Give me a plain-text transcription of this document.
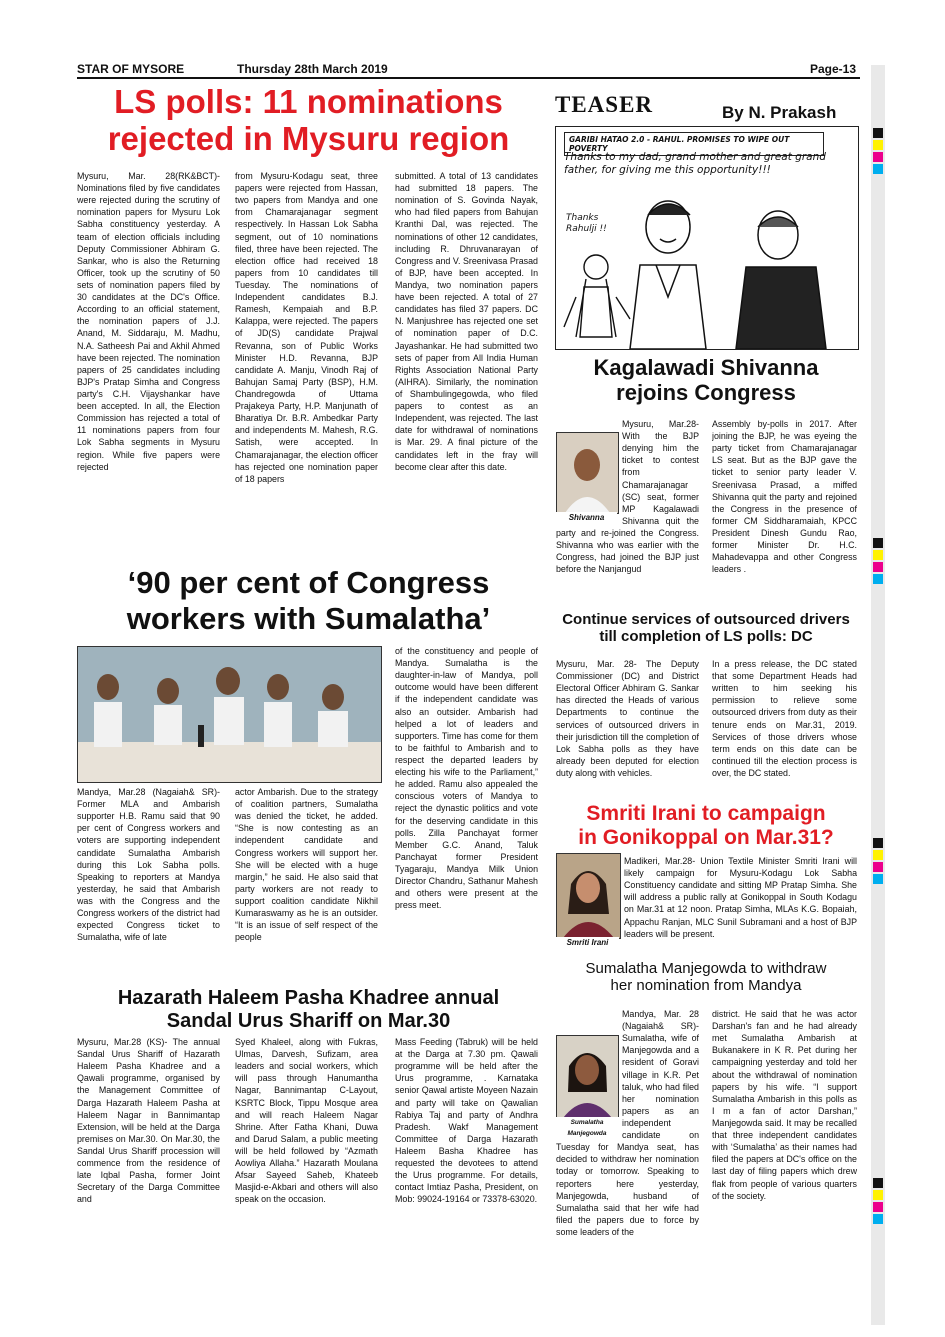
STAR OF MYSORE	Thursday 28th March 2019	Page-13
LS polls: 11 nominations
rejected in Mysuru region
Mysuru, Mar. 28(RK&BCT)- Nominations filed by five candidates were rejected during the scrutiny of nomination papers for Mysuru Lok Sabha constituency yesterday. A team of election officials including Deputy Commissioner Abhiram G. Sankar, who is also the Returning Officer, took up the scrutiny of 50 sets of nomination papers filed by 30 candidates at the DC's Office. According to an official statement, the nomination papers of J.J. Anand, M. Siddaraju, M. Madhu, N.A. Satheesh Pai and Akhil Ahmed have been rejected. The nomination papers of 25 candidates including BJP's Pratap Simha and Congress party's C.H. Vijayshankar have been accepted. In all, the Election Commission has rejected a total of 11 nominations papers from four Lok Sabha segments in Mysuru region. While five papers were rejected
from Mysuru-Kodagu seat, three papers were rejected from Hassan, two papers from Mandya and one from Chamarajanagar segment respectively. In Hassan Lok Sabha segment, out of 10 nominations filed, three have been rejected. The election office had received 18 papers from 10 candidates till Tuesday. The nominations of Independent candidates B.J. Ramesh, Kempaiah and B.P. Kalappa, were rejected. The papers of JD(S) candidate Prajwal Revanna, son of Public Works Minister H.D. Revanna, BJP candidate A. Manju, Vinodh Raj of Bahujan Samaj Party (BSP), H.M. Chandregowda of Uttama Prajakeya Party, H.P. Manjunath of Bharatiya Dr. B.R. Ambedkar Party and independents M. Mahesh, R.G. Satish, were accepted. In Chamarajanagar, the election officer has rejected one nomination paper of 18 papers
submitted. A total of 13 candidates had submitted 18 papers. The nomination of S. Govinda Nayak, who had filed papers from Bahujan Kranthi Dal, was rejected. The nominations of other 12 candidates, including R. Dhruvanarayan of Congress and V. Sreenivasa Prasad of BJP, have been accepted. In Mandya, two nomination papers have been rejected. A total of 27 candidates has filed 37 papers. DC N. Manjushree has rejected one set of nomination paper of D.C. Jayashankar. He had submitted two sets of paper from All India Human Rights Association National Party (AIHRA). Similarly, the nomination of Shambulingegowda, who filed papers to contest as an Independent, was rejected. The last date for withdrawal of nominations is Mar. 29. A final picture of the candidates left in the fray will become clear after this date.
TEASER	By N. Prakash
GARIBI HATAO 2.0 - RAHUL. PROMISES TO WIPE OUT POVERTY
Thanks to my dad, grand mother and great grand father, for giving me this opportunity!!!
Thanks Rahulji !!
Kagalawadi Shivanna
rejoins Congress
Shivanna
Mysuru, Mar.28- With the BJP denying him the ticket to contest from Chamarajanagar (SC) seat, former MP Kagalawadi Shivanna quit the party and re-joined the Congress. Shivanna who was earlier with the Congress, had joined the BJP just before the Nanjangud
Assembly by-polls in 2017. After joining the BJP, he was eyeing the party ticket from Chamarajanagar LS seat. But as the BJP gave the ticket to senior party leader V. Sreenivasa Prasad, a miffed Shivanna quit the party and rejoined the Congress in the presence of former CM Siddharamaiah, KPCC President Dinesh Gundu Rao, former Minister Dr. H.C. Mahadevappa and other Congress leaders .
‘90 per cent of Congress
workers with Sumalatha’
Mandya, Mar.28 (Nagaiah& SR)- Former MLA and Ambarish supporter H.B. Ramu said that 90 per cent of Congress workers and voters are supporting independent candidate Sumalatha Ambarish during this Lok Sabha polls. Speaking to reporters at Mandya yesterday, he said that Ambarish was with the Congress and the Congress workers of the district had expected Congress ticket to Sumalatha, wife of late
actor Ambarish. Due to the strategy of coalition partners, Sumalatha was denied the ticket, he added. “She is now contesting as an independent candidate and Congress workers will support her. She will be elected with a huge margin,” he said. He also said that party workers are not ready to support coalition candidate Nikhil Kumaraswamy as he is an outsider. “It is an issue of self respect of the people
of the constituency and people of Mandya. Sumalatha is the daughter-in-law of Mandya, poll outcome would have been different if the independent candidate was also an outsider. Ambarish had helped a lot of leaders and supporters. Time has come for them to be faithful to Ambarish and to respect the departed leaders by electing his wife to the Parliament,” he added. Ramu also appealed the conscious voters of Mandya to reject the dynastic politics and vote for the deserving candidate in this polls. Zilla Panchayat former Member G.C. Anand, Taluk Panchayat former President Tyagaraju, Mandya Milk Union Director Chandru, Sathanur Mahesh and others were present at the press meet.
Continue services of outsourced drivers
till completion of LS polls: DC
Mysuru, Mar. 28- The Deputy Commissioner (DC) and District Electoral Officer Abhiram G. Sankar has directed the Heads of various Departments to continue the services of outsourced drivers in their jurisdiction till the completion of Lok Sabha polls as they have already been deputed for election duty along with vehicles.
In a press release, the DC stated that some Department Heads had written to him seeking his permission to relieve some outsourced drivers from duty as their tenure ends on Mar.31, 2019. Services of those drivers whose term ends on this date can be continued till the election process is over, the DC stated.
Smriti Irani to campaign
in Gonikoppal on Mar.31?
Smriti Irani
Madikeri, Mar.28- Union Textile Minister Smriti Irani will likely campaign for Mysuru-Kodagu Lok Sabha Constituency candidate and sitting MP Pratap Simha. She will address a public rally at Gonikoppal in South Kodagu on Mar.31 at 12 noon. Pratap Simha, MLAs K.G. Bopaiah, Appachu Ranjan, MLC Sunil Subramani and a host of BJP leaders will be present.
Sumalatha Manjegowda to withdraw
her nomination from Mandya
Sumalatha Manjegowda
Mandya, Mar. 28 (Nagaiah& SR)- Sumalatha, wife of Manjegowda and a resident of Goravi village in K.R. Pet taluk, who had filed her nomination papers as an independent candidate on Tuesday for Mandya seat, has decided to withdraw her nomination today or tomorrow. Speaking to reporters here yesterday, Manjegowda, husband of Sumalatha said that her wife had filed the papers due to force by some leaders of the
district. He said that he was actor Darshan's fan and he had already met Sumalatha Ambarish at Bukanakere in K R. Pet during her campaigning yesterday and told her about the withdrawal of nomination papers by his wife. “I support Sumalatha Ambarish in this polls as I m a fan of actor Darshan,” Manjegowda said. It may be recalled that three independent candidates with ‘Sumalatha’ as their names had filed the papers at DC's office on the last day of filing papers which drew flak from people of various quarters of the society.
Hazarath Haleem Pasha Khadree annual
Sandal Urus Shariff on Mar.30
Mysuru, Mar.28 (KS)- The annual Sandal Urus Shariff of Hazarath Haleem Pasha Khadree and a Qawali programme, organised by the Management Committee of Darga Hazarath Haleem Pasha at Haleem Nagar in Bannimantap Extension, will be held at the Darga premises on Mar.30. On Mar.30, the Sandal Urus Shariff procession will commence from the residence of late Iqbal Pasha, former Joint Secretary of the Darga Committee and
Syed Khaleel, along with Fukras, Ulmas, Darvesh, Sufizam, area leaders and social workers, which will pass through Hanumantha Nagar, Bannimantap C-Layout, KSRTC Block, Tippu Mosque area and will reach Haleem Nagar Shrine. After Fatha Khani, Duwa and Darud Salam, a public meeting will be held followed by “Azmath Aowliya Allaha.” Hazarath Moulana Afsar Sayeed Saheb, Khateeb Masjid-e-Akbari and others will also speak on the occasion.
Mass Feeding (Tabruk) will be held at the Darga at 7.30 pm. Qawali programme will be held after the Urus programme, . Karnataka senior Qawal artiste Moyeen Nazain and party will take on Qawalian Rabiya Taj and party of Andhra Pradesh. Wakf Management Committee of Darga Hazarath Haleem Basha Khadree has requested the devotees to attend the Urus programme. For details, contact Imtiaz Pasha, President, on Mob: 99024-19164 or 73378-63020.
